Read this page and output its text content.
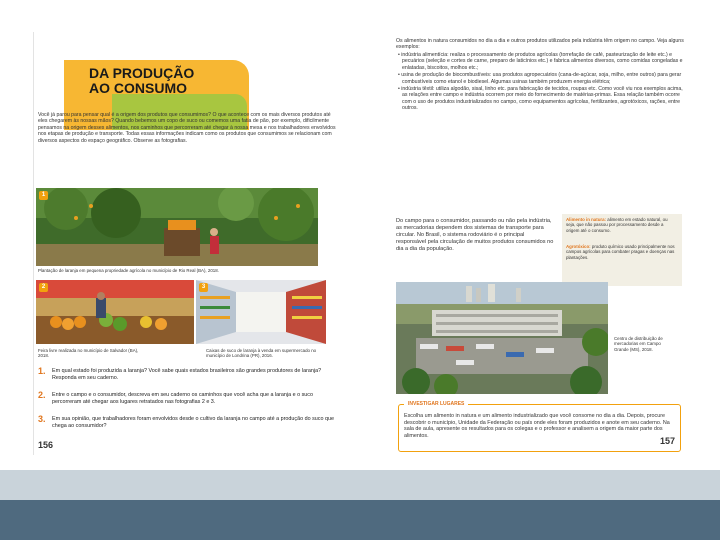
DA PRODUÇÃO
AO CONSUMO
Você já parou para pensar qual é a origem dos produtos que consumimos? O que acontece com os mais diversos produtos até eles chegarem às nossas mãos? Quando bebemos um copo de suco ou comemos uma fatia de pão, por exemplo, dificilmente pensamos na origem desses alimentos, nos caminhos que percorreram até chegar à nossa mesa e nos trabalhadores envolvidos nos etapas de produção e transporte. Todas essas informações indicam como os produtos que consumimos se relacionam com diversos aspectos do espaço geográfico. Observe as fotografias.
1
Plantação de laranja em pequena propriedade agrícola no município de Rio Real (BA), 2018.
2
Feira livre realizada no município de Salvador (BA), 2018.
3
Caixas de suco de laranja à venda em supermercado no município de Londrina (PR), 2016.
1. Em qual estado foi produzida a laranja? Você sabe quais estados brasileiros são grandes produtores de laranja? Responda em seu caderno.
2. Entre o campo e o consumidor, descreva em seu caderno os caminhos que você acha que a laranja e o suco percorreram até chegar aos lugares retratados nas fotografias 2 e 3.
3. Em sua opinião, que trabalhadores foram envolvidos desde o cultivo da laranja no campo até a produção do suco que chega ao consumidor?
156
Os alimentos in natura consumidos no dia a dia e outros produtos utilizados pela indústria têm origem no campo. Veja alguns exemplos:
• indústria alimentícia: realiza o processamento de produtos agrícolas (torrefação de café, pasteurização de leite etc.) e pecuários (seleção e cortes de carne, preparo de laticínios etc.) e fabrica alimentos diversos, como comidas congeladas e enlatadas, biscoitos, molhos etc.;
• usina de produção de biocombustíveis: usa produtos agropecuários (cana-de-açúcar, soja, milho, entre outros) para gerar combustíveis como etanol e biodiesel. Algumas usinas também produzem energia elétrica;
• indústria têxtil: utiliza algodão, sisal, linho etc. para fabricação de tecidos, roupas etc. Como você viu nos exemplos acima, as relações entre campo e indústria ocorrem por meio do fornecimento de matérias-primas. Essa relação também ocorre com o uso de produtos industrializados no campo, como equipamentos agrícolas, fertilizantes, agrotóxicos, rações, entre outros.
Do campo para o consumidor, passando ou não pela indústria, as mercadorias dependem dos sistemas de transporte para circular. No Brasil, o sistema rodoviário é o principal responsável pela circulação de muitos produtos consumidos no dia a dia da população.
Alimento in natura: alimento em estado natural, ou seja, que não passou por processamento desde a origem até o consumo.
Agrotóxico: produto químico usado principalmente nos campos agrícolas para combater pragas e doenças nas plantações.
Centro de distribuição de mercadorias em Campo Grande (MS), 2018.
Escolha um alimento in natura e um alimento industrializado que você consome no dia a dia. Depois, procure descobrir o município, Unidade da Federação ou país onde eles foram produzidos e anote em seu caderno. Na sala de aula, apresente os resultados para os colegas e o professor e analisem a origem da maior parte dos alimentos.
INVESTIGAR LUGARES
157
